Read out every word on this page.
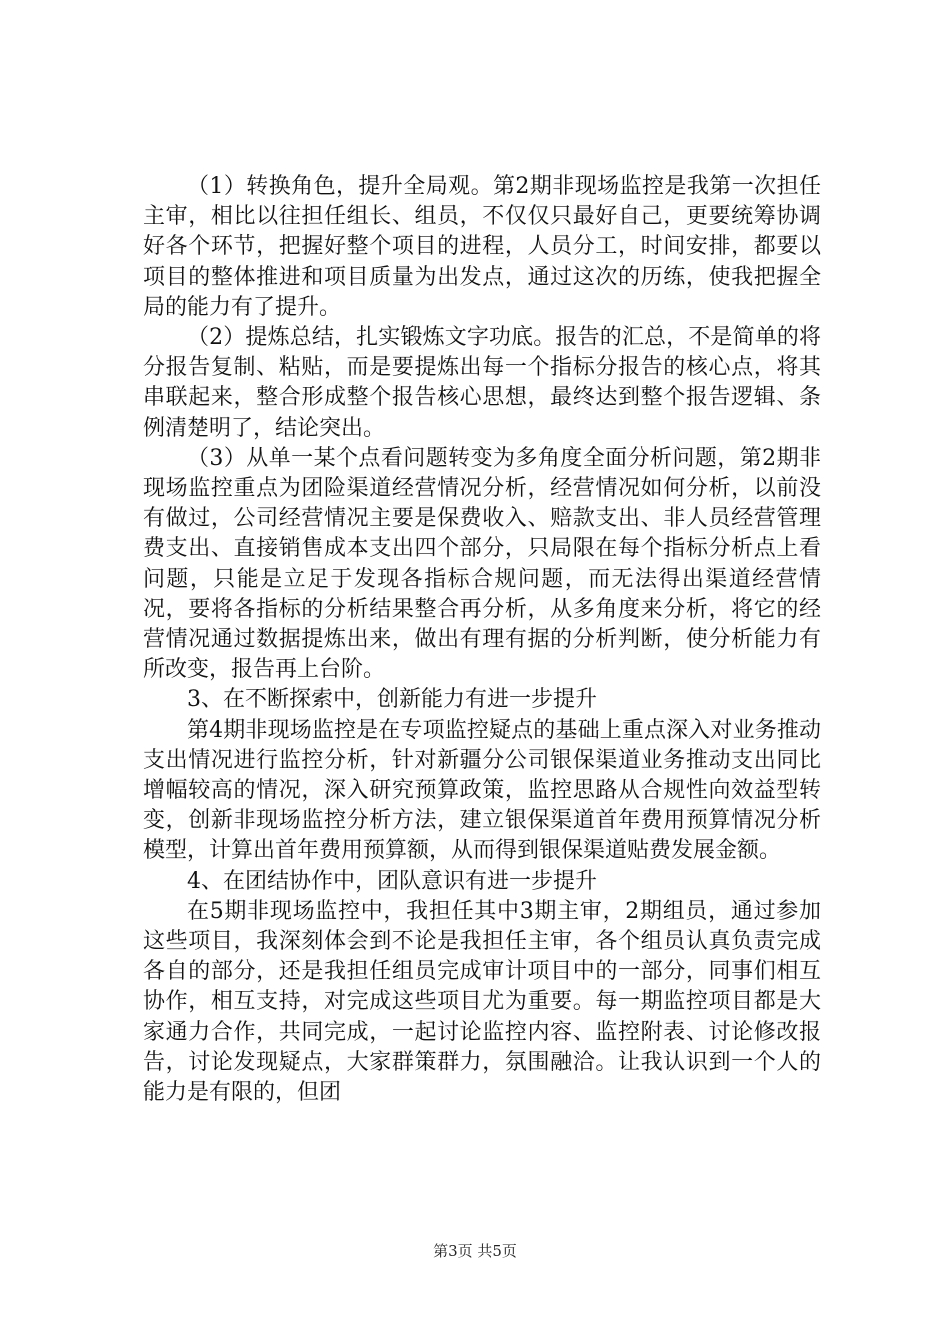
（1）转换角色，提升全局观。第2期非现场监控是我第一次担任主审，相比以往担任组长、组员，不仅仅只最好自己，更要统筹协调好各个环节，把握好整个项目的进程，人员分工，时间安排，都要以项目的整体推进和项目质量为出发点，通过这次的历练，使我把握全局的能力有了提升。

（2）提炼总结，扎实锻炼文字功底。报告的汇总，不是简单的将分报告复制、粘贴，而是要提炼出每一个指标分报告的核心点，将其串联起来，整合形成整个报告核心思想，最终达到整个报告逻辑、条例清楚明了，结论突出。

（3）从单一某个点看问题转变为多角度全面分析问题，第2期非现场监控重点为团险渠道经营情况分析，经营情况如何分析，以前没有做过，公司经营情况主要是保费收入、赔款支出、非人员经营管理费支出、直接销售成本支出四个部分，只局限在每个指标分析点上看问题，只能是立足于发现各指标合规问题，而无法得出渠道经营情况，要将各指标的分析结果整合再分析，从多角度来分析，将它的经营情况通过数据提炼出来，做出有理有据的分析判断，使分析能力有所改变，报告再上台阶。

3、在不断探索中，创新能力有进一步提升

第4期非现场监控是在专项监控疑点的基础上重点深入对业务推动支出情况进行监控分析，针对新疆分公司银保渠道业务推动支出同比增幅较高的情况，深入研究预算政策，监控思路从合规性向效益型转变，创新非现场监控分析方法，建立银保渠道首年费用预算情况分析模型，计算出首年费用预算额，从而得到银保渠道贴费发展金额。

4、在团结协作中，团队意识有进一步提升

在5期非现场监控中，我担任其中3期主审，2期组员，通过参加这些项目，我深刻体会到不论是我担任主审，各个组员认真负责完成各自的部分，还是我担任组员完成审计项目中的一部分，同事们相互协作，相互支持，对完成这些项目尤为重要。每一期监控项目都是大家通力合作，共同完成，一起讨论监控内容、监控附表、讨论修改报告，讨论发现疑点，大家群策群力，氛围融洽。让我认识到一个人的能力是有限的，但团

第3页 共5页
